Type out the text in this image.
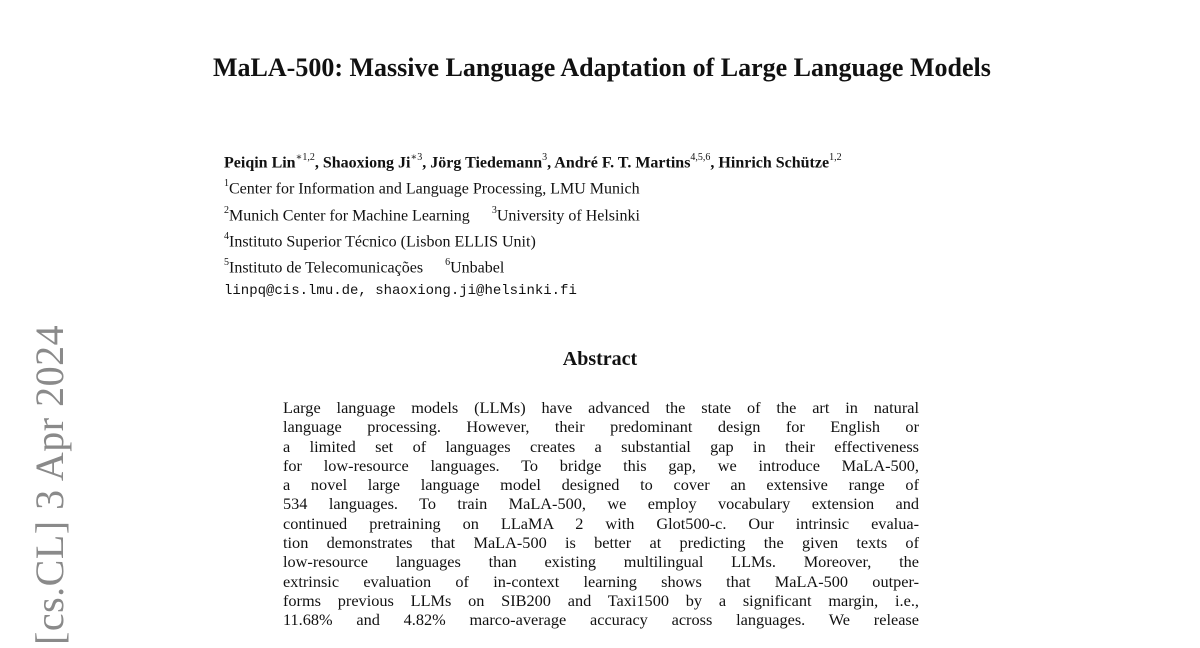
[cs.CL] 3 Apr 2024
MaLA-500: Massive Language Adaptation of Large Language Models
Peiqin Lin$^{∗1,2}$, Shaoxiong $Ji^{∗3}$, Jörg Tiedemann$^3$, André F. T. Martins$^{4,5,6}$, Hinrich Schütze$^{1,2}$
$^1$Center for Information and Language Processing, LMU Munich
$^2$Munich Center for Machine Learning $^3$University of Helsinki
$^4$Instituto Superior Técnico (Lisbon ELLIS Unit)
$^5$Instituto de Telecomunicações $^6$Unbabel
linpq@cis.lmu.de, shaoxiong.ji@helsinki.fi
Abstract
Large language models (LLMs) have advanced the state of the art in natural
language processing. However, their predominant design for English or
a limited set of languages creates a substantial gap in their effectiveness
for low-resource languages. To bridge this gap, we introduce MaLA-500,
a novel large language model designed to cover an extensive range of
534 languages. To train MaLA-500, we employ vocabulary extension and
continued pretraining on LLaMA 2 with Glot500-c. Our intrinsic evalua-
tion demonstrates that MaLA-500 is better at predicting the given texts of
low-resource languages than existing multilingual LLMs. Moreover, the
extrinsic evaluation of in-context learning shows that MaLA-500 outper-
forms previous LLMs on SIB200 and Taxi1500 by a significant margin, i.e.,
11.68% and 4.82% marco-average accuracy across languages. We release
